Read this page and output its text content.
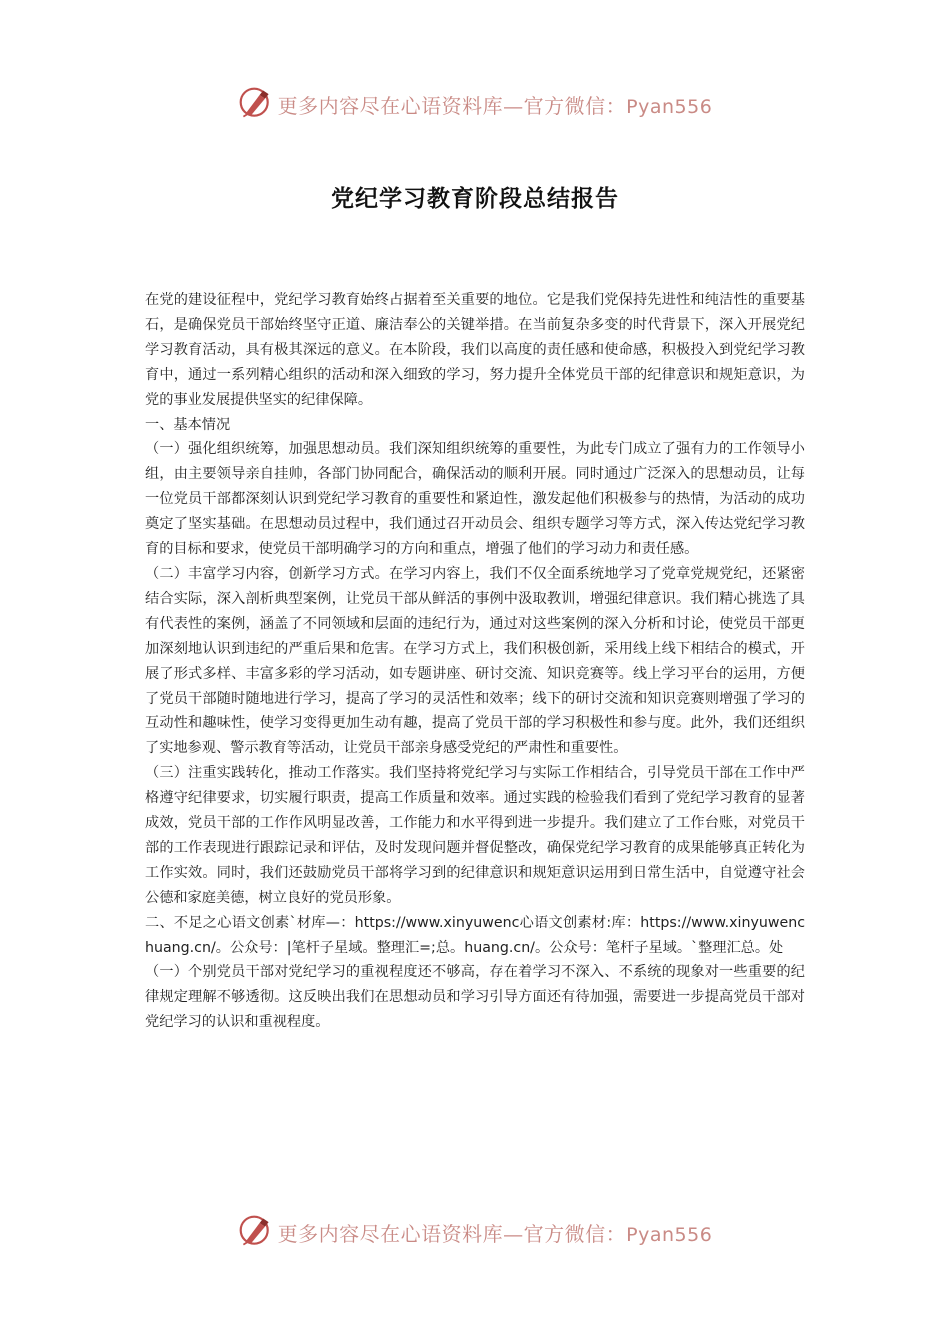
更多内容尽在心语资料库—官方微信：Pyan556
党纪学习教育阶段总结报告

在党的建设征程中，党纪学习教育始终占据着至关重要的地位。它是我们党保持先进性和纯洁性的重要基石，是确保党员干部始终坚守正道、廉洁奉公的关键举措。在当前复杂多变的时代背景下，深入开展党纪学习教育活动，具有极其深远的意义。在本阶段，我们以高度的责任感和使命感，积极投入到党纪学习教育中，通过一系列精心组织的活动和深入细致的学习，努力提升全体党员干部的纪律意识和规矩意识，为党的事业发展提供坚实的纪律保障。

一、基本情况

（一）强化组织统筹，加强思想动员。我们深知组织统筹的重要性，为此专门成立了强有力的工作领导小组，由主要领导亲自挂帅，各部门协同配合，确保活动的顺利开展。同时通过广泛深入的思想动员，让每一位党员干部都深刻认识到党纪学习教育的重要性和紧迫性，激发起他们积极参与的热情，为活动的成功奠定了坚实基础。在思想动员过程中，我们通过召开动员会、组织专题学习等方式，深入传达党纪学习教育的目标和要求，使党员干部明确学习的方向和重点，增强了他们的学习动力和责任感。

（二）丰富学习内容，创新学习方式。在学习内容上，我们不仅全面系统地学习了党章党规党纪，还紧密结合实际，深入剖析典型案例，让党员干部从鲜活的事例中汲取教训，增强纪律意识。我们精心挑选了具有代表性的案例，涵盖了不同领域和层面的违纪行为，通过对这些案例的深入分析和讨论，使党员干部更加深刻地认识到违纪的严重后果和危害。在学习方式上，我们积极创新，采用线上线下相结合的模式，开展了形式多样、丰富多彩的学习活动，如专题讲座、研讨交流、知识竞赛等。线上学习平台的运用，方便了党员干部随时随地进行学习，提高了学习的灵活性和效率；线下的研讨交流和知识竞赛则增强了学习的互动性和趣味性，使学习变得更加生动有趣，提高了党员干部的学习积极性和参与度。此外，我们还组织了实地参观、警示教育等活动，让党员干部亲身感受党纪的严肃性和重要性。

（三）注重实践转化，推动工作落实。我们坚持将党纪学习与实际工作相结合，引导党员干部在工作中严格遵守纪律要求，切实履行职责，提高工作质量和效率。通过实践的检验我们看到了党纪学习教育的显著成效，党员干部的工作作风明显改善，工作能力和水平得到进一步提升。我们建立了工作台账，对党员干部的工作表现进行跟踪记录和评估，及时发现问题并督促整改，确保党纪学习教育的成果能够真正转化为工作实效。同时，我们还鼓励党员干部将学习到的纪律意识和规矩意识运用到日常生活中，自觉遵守社会公德和家庭美德，树立良好的党员形象。

二、不足之心语文创素`材库—：https://www.xinyuwenc心语文创素材:库：https://www.xinyuwenchuang.cn/。公众号：|笔杆子星域。整理汇=;总。huang.cn/。公众号：笔杆子星域。`整理汇总。处

（一）个别党员干部对党纪学习的重视程度还不够高，存在着学习不深入、不系统的现象对一些重要的纪律规定理解不够透彻。这反映出我们在思想动员和学习引导方面还有待加强，需要进一步提高党员干部对党纪学习的认识和重视程度。

更多内容尽在心语资料库—官方微信：Pyan556
